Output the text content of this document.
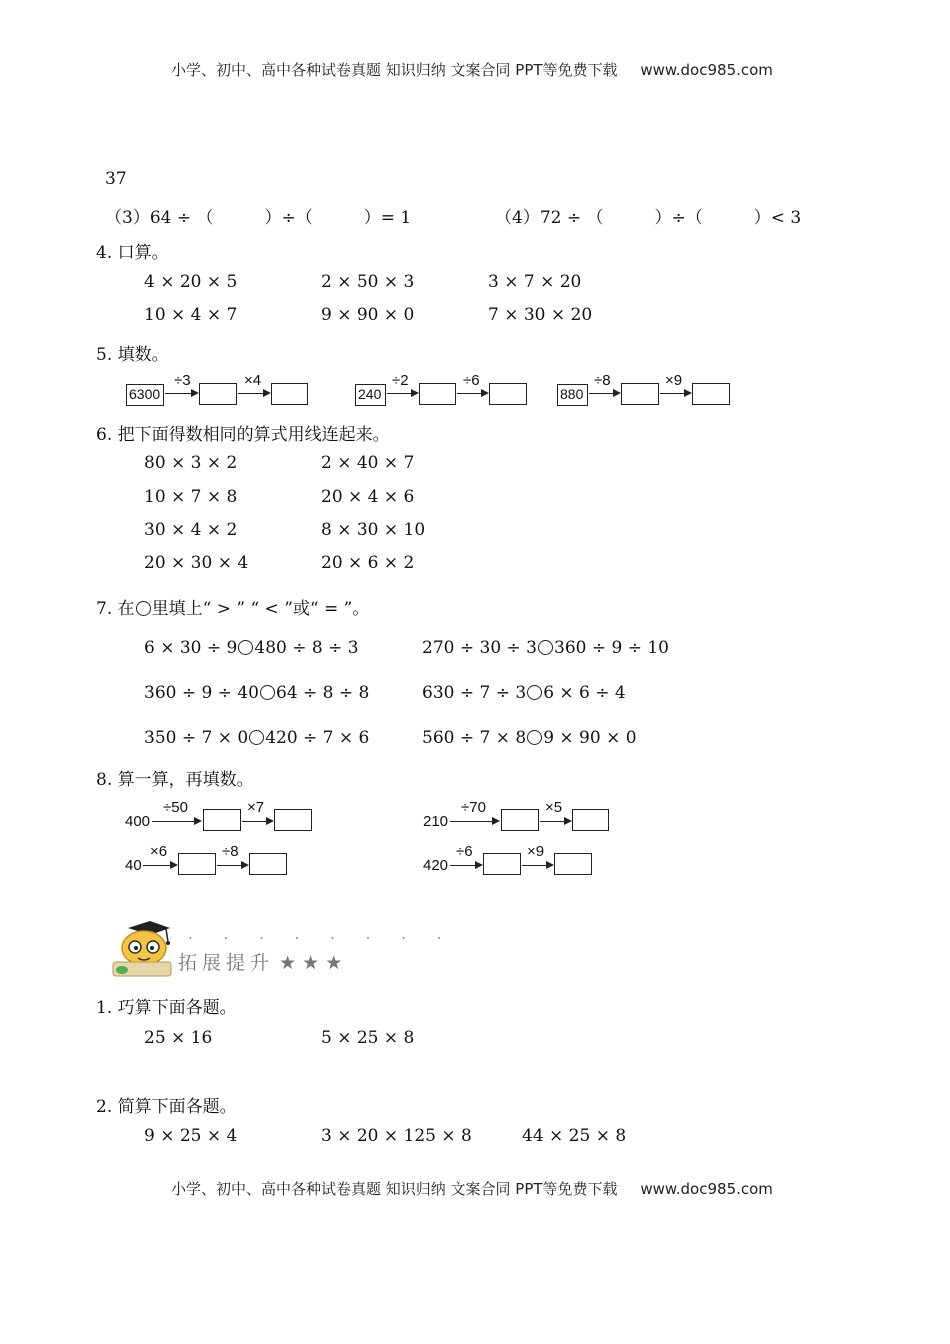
小学、初中、高中各种试卷真题 知识归纳 文案合同 PPT等免费下载 www.doc985.com
37
（3）64 ÷ （　　　）÷（　　　）= 1	（4）72 ÷ （　　　）÷（　　　）< 3
4. 口算。
4 × 20 × 5	2 × 50 × 3	3 × 7 × 20
10 × 4 × 7	9 × 90 × 0	7 × 30 × 20
5. 填数。
6300
÷3	×4
240
÷2	÷6
880
÷8	×9
6. 把下面得数相同的算式用线连起来。
80 × 3 × 2	2 × 40 × 7
10 × 7 × 8	20 × 4 × 6
30 × 4 × 2	8 × 30 × 10
20 × 30 × 4	20 × 6 × 2
7. 在 里填上“ > ” “ < ”或“ = ”。
6 × 30 ÷ 9 480 ÷ 8 ÷ 3	270 ÷ 30 ÷ 3 360 ÷ 9 ÷ 10
360 ÷ 9 ÷ 40 64 ÷ 8 ÷ 8	630 ÷ 7 ÷ 3 6 × 6 ÷ 4
350 ÷ 7 × 0 420 ÷ 7 × 6	560 ÷ 7 × 8 9 × 90 × 0
8. 算一算，再填数。
400
÷50	×7
210
÷70	×5
40
×6	÷8
420
÷6	×9
· · · · · · · ·
拓展提升 ★ ★ ★
1. 巧算下面各题。
25 × 16	5 × 25 × 8
2. 简算下面各题。
9 × 25 × 4	3 × 20 × 125 × 8	44 × 25 × 8
小学、初中、高中各种试卷真题 知识归纳 文案合同 PPT等免费下载 www.doc985.com
